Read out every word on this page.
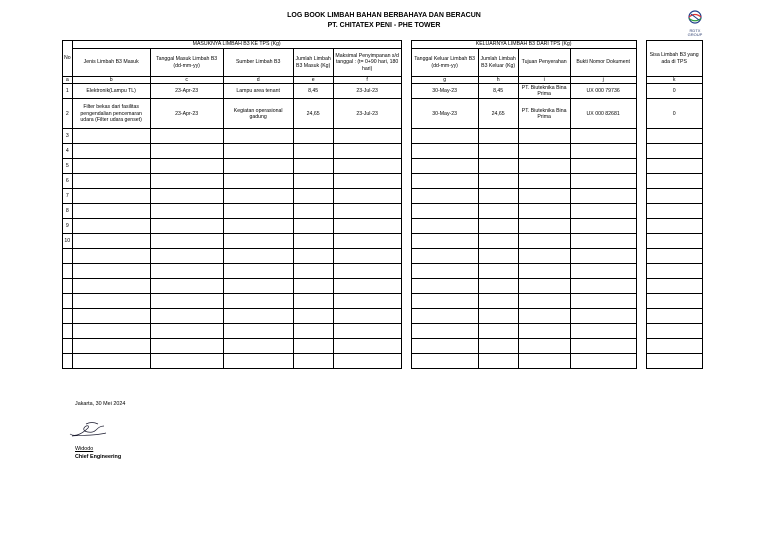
LOG BOOK LIMBAH BAHAN BERBAHAYA DAN BERACUN
PT. CHITATEX PENI - PHE TOWER
RDTX
GROUP
No	MASUKNYA LIMBAH B3 KE TPS (Kg)						KELUARNYA LIMBAH B3 DARI TPS (Kg)					Sisa Limbah B3 yang ada di TPS
	Jenis Limbah B3 Masuk	Tanggal Masuk Limbah B3 (dd-mm-yy)	Sumber Limbah B3	Jumlah Limbah B3 Masuk (Kg)	Maksimal Penyimpanan s/d tanggal : (t= 0+90 hari, 180 hari)		Tanggal Keluar Limbah B3 (dd-mm-yy)	Jumlah Limbah B3 Keluar (Kg)	Tujuan Penyerahan	Bukti Nomor Dokument		
a	b	c	d	e	f		g	h	i	j		k
1	Elektronik(Lampu TL)	23-Apr-23	Lampu area tenant	8,45	23-Jul-23		30-May-23	8,45	PT. Biuteknika Bina Prima	UX 000 79736		0
2	Filter bekas dari fasilitas pengendalian pencemaran udara (Filter udara genset)	23-Apr-23	Kegiatan operasional gadung	24,65	23-Jul-23		30-May-23	24,65	PT. Biuteknika Bina Prima	UX 000 82681		0
3												
4												
5												
6												
7												
8												
9												
10												

Jakarta, 30 Mei 2024
Widodo
Chief Engineering
